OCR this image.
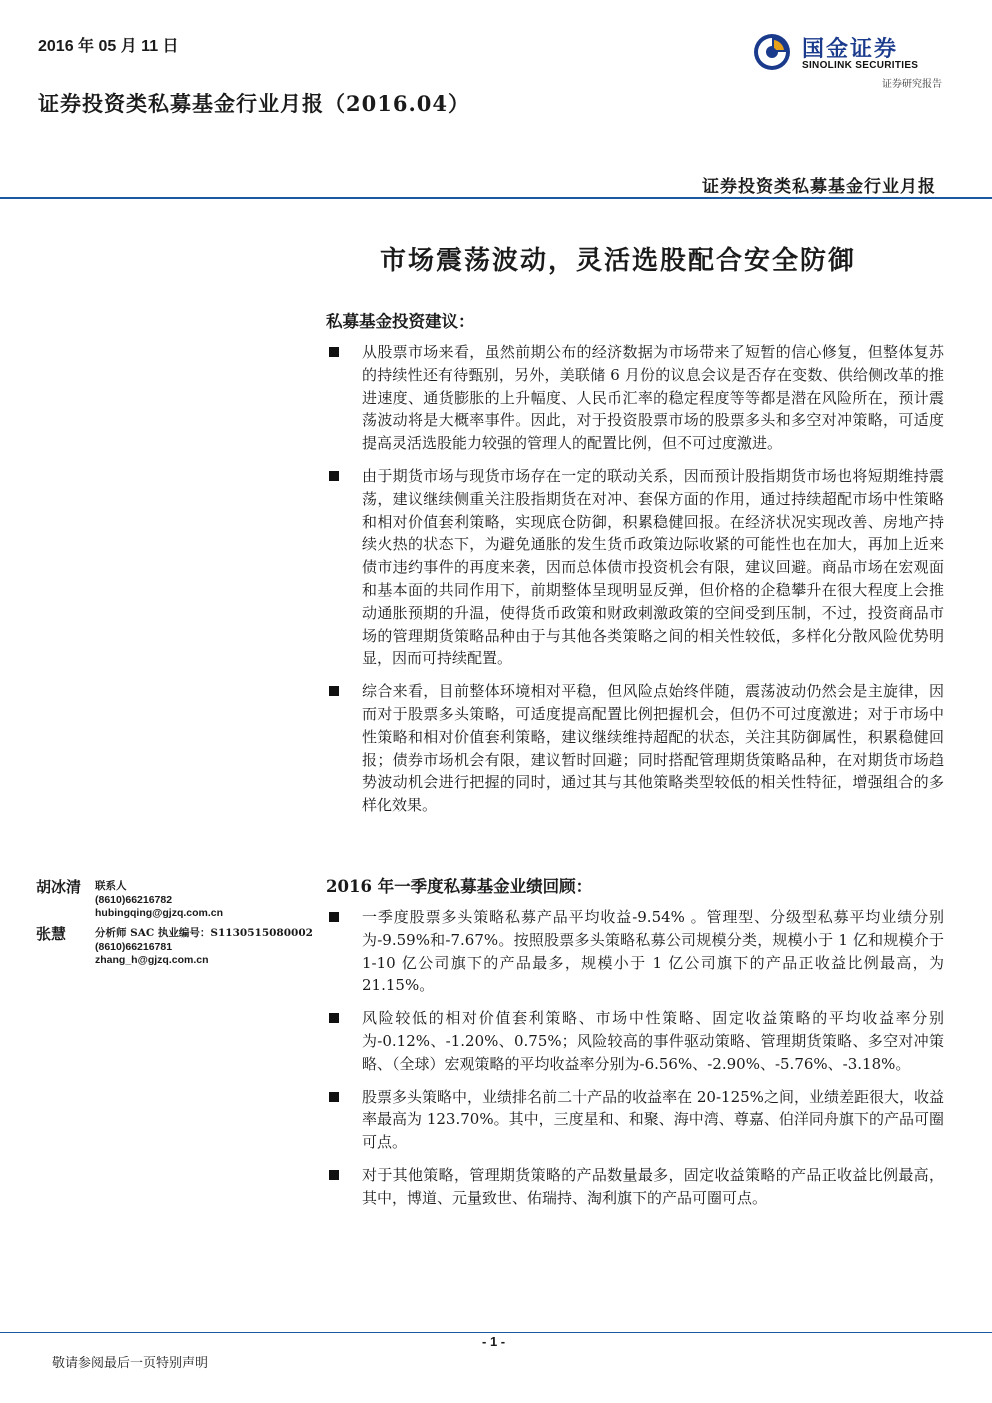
2016 年 05 月 11 日
证券投资类私募基金行业月报（2016.04）
国金证券
SINOLINK SECURITIES
证券研究报告
证券投资类私募基金行业月报
市场震荡波动，灵活选股配合安全防御
私募基金投资建议：
从股票市场来看，虽然前期公布的经济数据为市场带来了短暂的信心修复，但整体复苏的持续性还有待甄别，另外，美联储 6 月份的议息会议是否存在变数、供给侧改革的推进速度、通货膨胀的上升幅度、人民币汇率的稳定程度等等都是潜在风险所在，预计震荡波动将是大概率事件。因此，对于投资股票市场的股票多头和多空对冲策略，可适度提高灵活选股能力较强的管理人的配置比例，但不可过度激进。
由于期货市场与现货市场存在一定的联动关系，因而预计股指期货市场也将短期维持震荡，建议继续侧重关注股指期货在对冲、套保方面的作用，通过持续超配市场中性策略和相对价值套利策略，实现底仓防御，积累稳健回报。在经济状况实现改善、房地产持续火热的状态下，为避免通胀的发生货币政策边际收紧的可能性也在加大，再加上近来债市违约事件的再度来袭，因而总体债市投资机会有限，建议回避。商品市场在宏观面和基本面的共同作用下，前期整体呈现明显反弹，但价格的企稳攀升在很大程度上会推动通胀预期的升温，使得货币政策和财政刺激政策的空间受到压制，不过，投资商品市场的管理期货策略品种由于与其他各类策略之间的相关性较低，多样化分散风险优势明显，因而可持续配置。
综合来看，目前整体环境相对平稳，但风险点始终伴随，震荡波动仍然会是主旋律，因而对于股票多头策略，可适度提高配置比例把握机会，但仍不可过度激进；对于市场中性策略和相对价值套利策略，建议继续维持超配的状态，关注其防御属性，积累稳健回报；债券市场机会有限，建议暂时回避；同时搭配管理期货策略品种，在对期货市场趋势波动机会进行把握的同时，通过其与其他策略类型较低的相关性特征，增强组合的多样化效果。
2016 年一季度私募基金业绩回顾：
一季度股票多头策略私募产品平均收益-9.54% 。管理型、分级型私募平均业绩分别为-9.59%和-7.67%。按照股票多头策略私募公司规模分类，规模小于 1 亿和规模介于 1-10 亿公司旗下的产品最多，规模小于 1 亿公司旗下的产品正收益比例最高，为 21.15%。
风险较低的相对价值套利策略、市场中性策略、固定收益策略的平均收益率分别为-0.12%、-1.20%、0.75%；风险较高的事件驱动策略、管理期货策略、多空对冲策略、（全球）宏观策略的平均收益率分别为-6.56%、-2.90%、-5.76%、-3.18%。
股票多头策略中，业绩排名前二十产品的收益率在 20-125%之间，业绩差距很大，收益率最高为 123.70%。其中，三度星和、和聚、海中湾、尊嘉、伯洋同舟旗下的产品可圈可点。
对于其他策略，管理期货策略的产品数量最多，固定收益策略的产品正收益比例最高，其中，博道、元量致世、佑瑞持、淘利旗下的产品可圈可点。
胡冰清 联系人
(8610)66216782
hubingqing@gjzq.com.cn
张慧	分析师 SAC 执业编号：S1130515080002
(8610)66216781
zhang_h@gjzq.com.cn
- 1 -
敬请参阅最后一页特别声明
